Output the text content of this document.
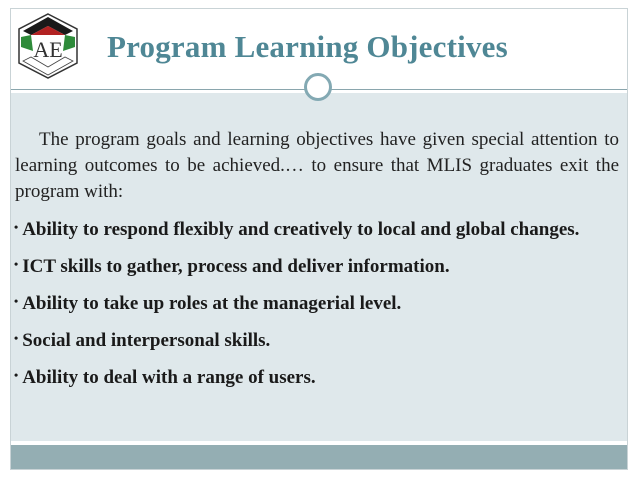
AE Program Learning Objectives
The program goals and learning objectives have given special attention to learning outcomes to be achieved.… to ensure that MLIS graduates exit the program with:
• Ability to respond flexibly and creatively to local and global changes.
• ICT skills to gather, process and deliver information.
• Ability to take up roles at the managerial level.
• Social and interpersonal skills.
• Ability to deal with a range of users.
